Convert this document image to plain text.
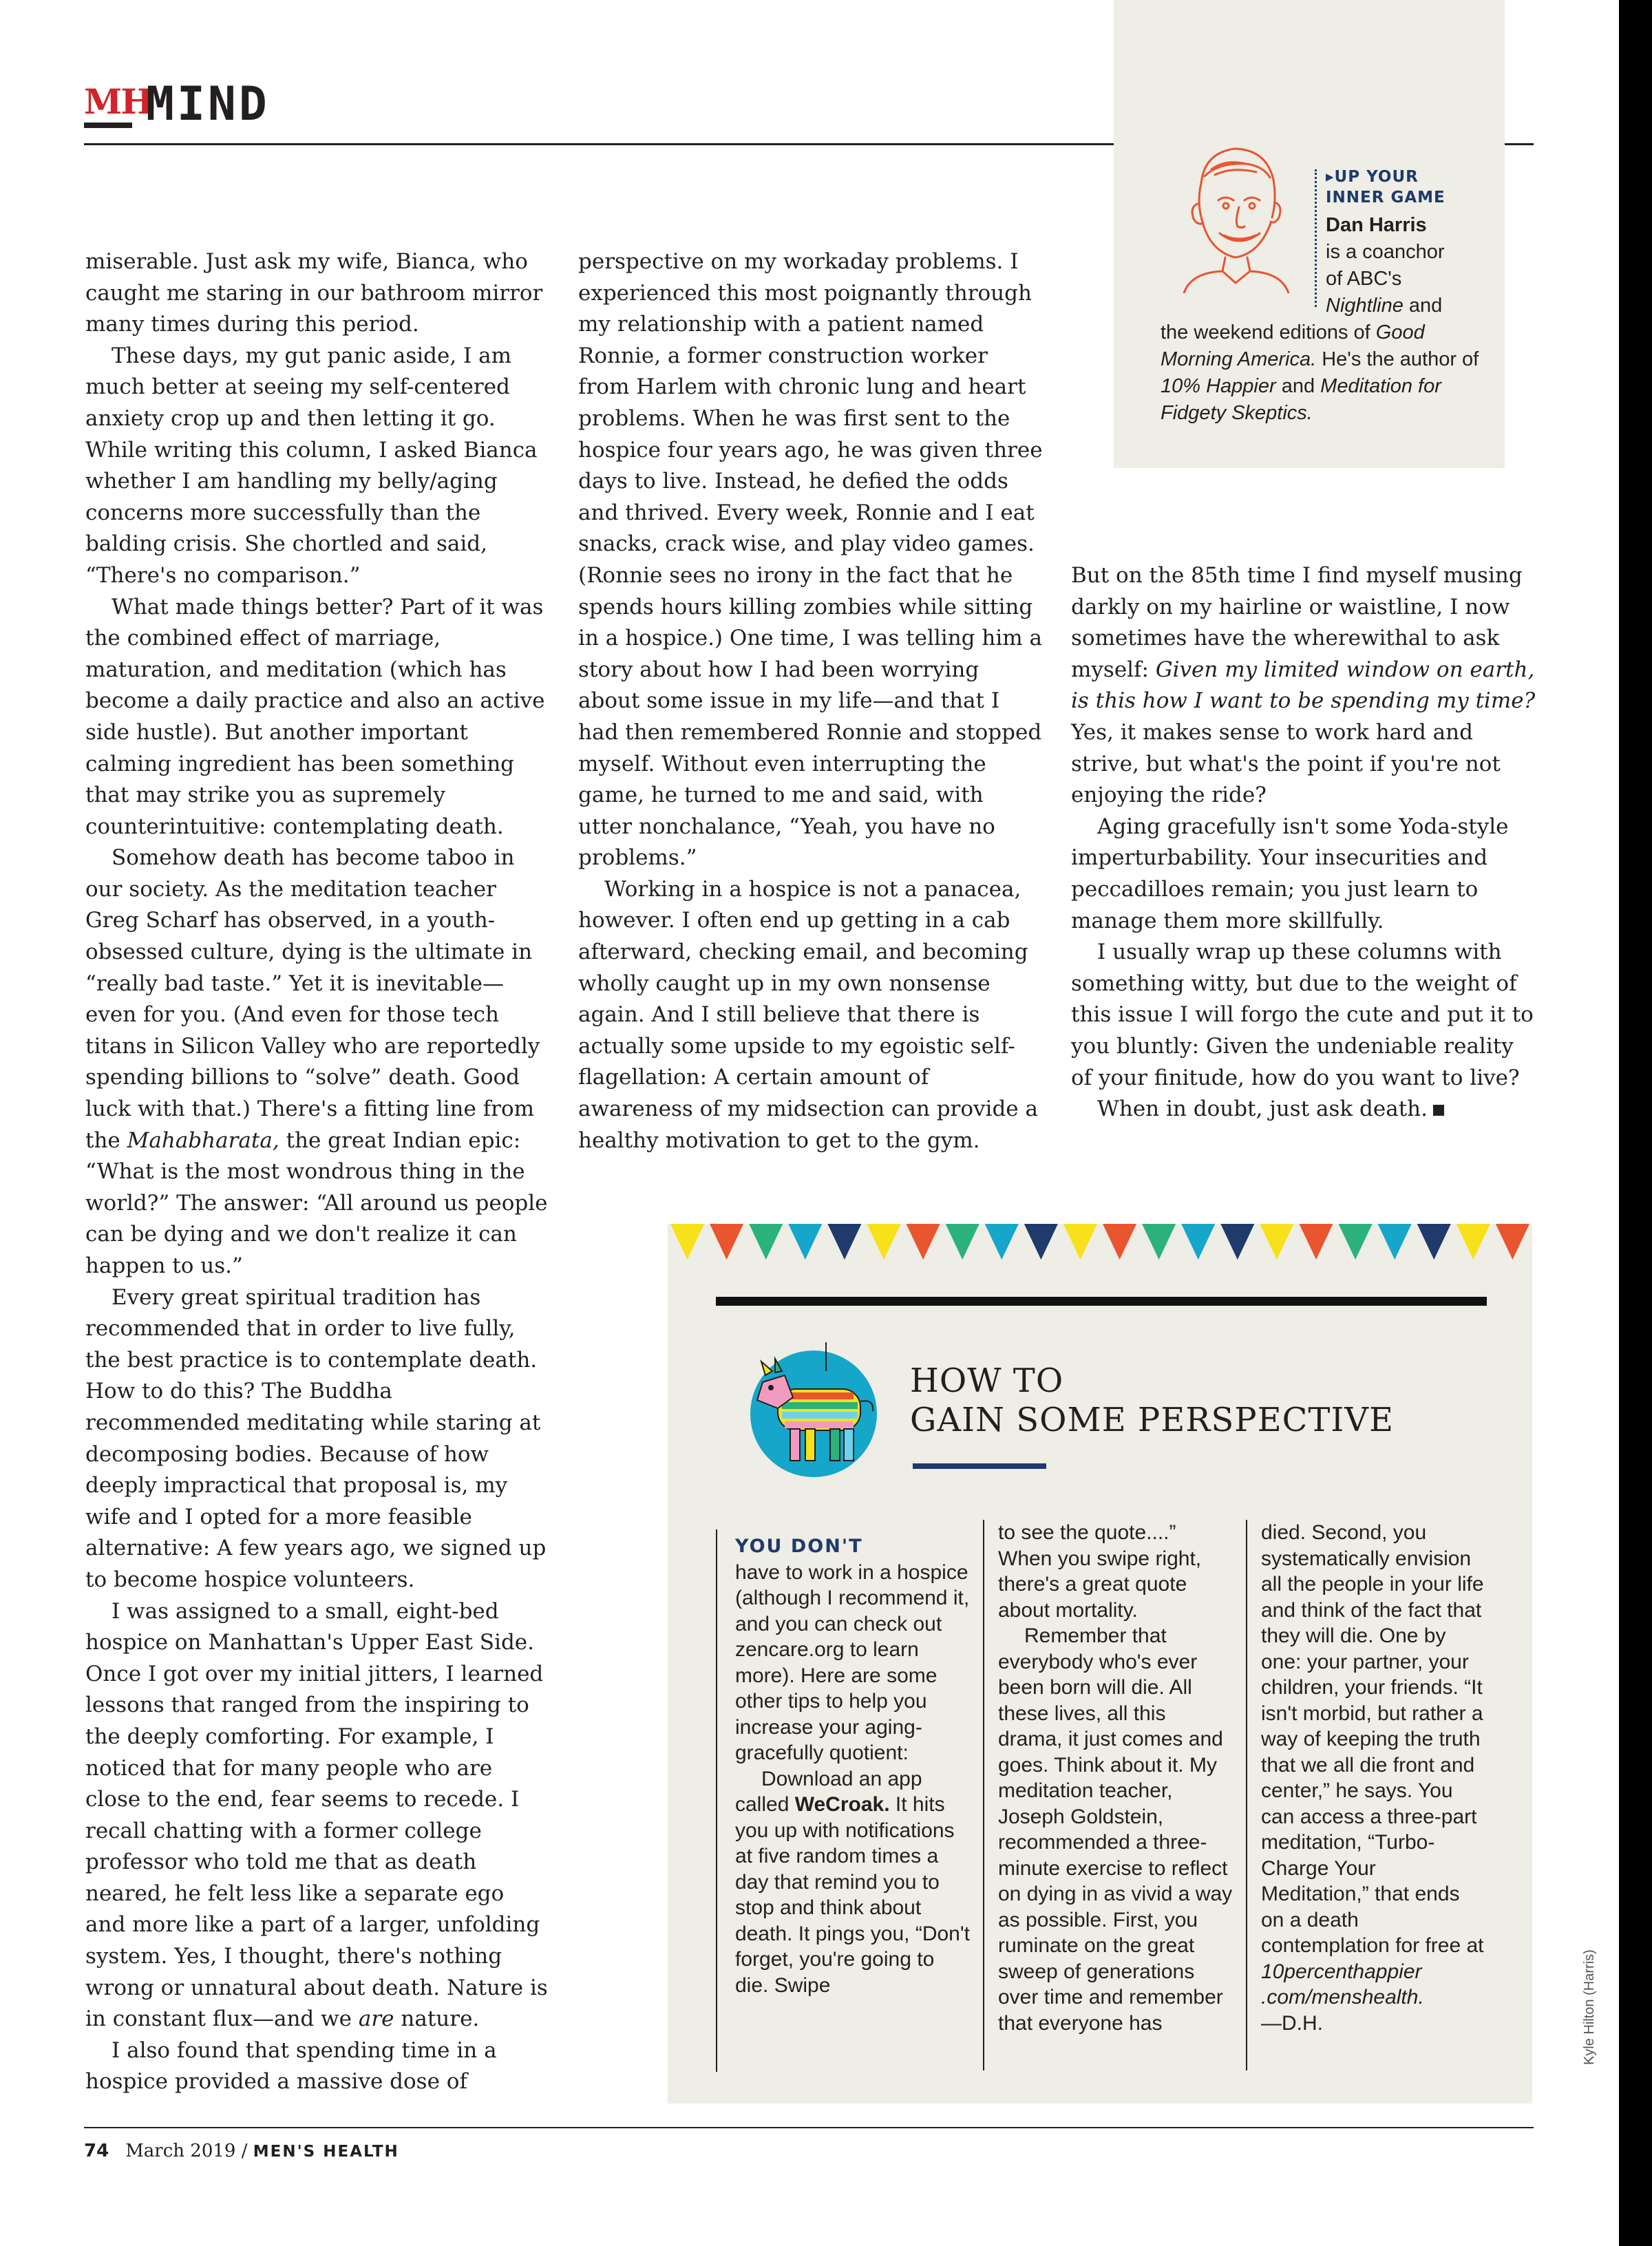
MH
MIND
▸UP YOUR
INNER GAME
Dan Harris
is a coanchor
of ABC's
Nightline and
the weekend editions of Good Morning America. He's the author of 10% Happier and Meditation for Fidgety Skeptics.

miserable. Just ask my wife, Bianca, who caught me staring in our bathroom mirror many times during this period.

These days, my gut panic aside, I am much better at seeing my self-centered anxiety crop up and then letting it go. While writing this column, I asked Bianca whether I am handling my belly/aging concerns more successfully than the balding crisis. She chortled and said, “There's no comparison.”

What made things better? Part of it was the combined effect of marriage, maturation, and meditation (which has become a daily practice and also an active side hustle). But another important calming ingredient has been something that may strike you as supremely counterintuitive: contemplating death.

Somehow death has become taboo in our society. As the meditation teacher Greg Scharf has observed, in a youth-obsessed culture, dying is the ultimate in “really bad taste.” Yet it is inevitable—even for you. (And even for those tech titans in Silicon Valley who are reportedly spending billions to “solve” death. Good luck with that.) There's a fitting line from the Mahabharata, the great Indian epic: “What is the most wondrous thing in the world?” The answer: “All around us people can be dying and we don't realize it can happen to us.”

Every great spiritual tradition has recommended that in order to live fully, the best practice is to contemplate death. How to do this? The Buddha recommended meditating while staring at decomposing bodies. Because of how deeply impractical that proposal is, my wife and I opted for a more feasible alternative: A few years ago, we signed up to become hospice volunteers.

I was assigned to a small, eight-bed hospice on Manhattan's Upper East Side. Once I got over my initial jitters, I learned lessons that ranged from the inspiring to the deeply comforting. For example, I noticed that for many people who are close to the end, fear seems to recede. I recall chatting with a former college professor who told me that as death neared, he felt less like a separate ego and more like a part of a larger, unfolding system. Yes, I thought, there's nothing wrong or unnatural about death. Nature is in constant flux—and we are nature.

I also found that spending time in a hospice provided a massive dose of

perspective on my workaday problems. I experienced this most poignantly through my relationship with a patient named Ronnie, a former construction worker from Harlem with chronic lung and heart problems. When he was first sent to the hospice four years ago, he was given three days to live. Instead, he defied the odds and thrived. Every week, Ronnie and I eat snacks, crack wise, and play video games. (Ronnie sees no irony in the fact that he spends hours killing zombies while sitting in a hospice.) One time, I was telling him a story about how I had been worrying about some issue in my life—and that I had then remembered Ronnie and stopped myself. Without even interrupting the game, he turned to me and said, with utter nonchalance, “Yeah, you have no problems.”

Working in a hospice is not a panacea, however. I often end up getting in a cab afterward, checking email, and becoming wholly caught up in my own nonsense again. And I still believe that there is actually some upside to my egoistic self-flagellation: A certain amount of awareness of my midsection can provide a healthy motivation to get to the gym.

But on the 85th time I find myself musing darkly on my hairline or waistline, I now sometimes have the wherewithal to ask myself: Given my limited window on earth, is this how I want to be spending my time? Yes, it makes sense to work hard and strive, but what's the point if you're not enjoying the ride?

Aging gracefully isn't some Yoda-style imperturbability. Your insecurities and peccadilloes remain; you just learn to manage them more skillfully.

I usually wrap up these columns with something witty, but due to the weight of this issue I will forgo the cute and put it to you bluntly: Given the undeniable reality of your finitude, how do you want to live?

When in doubt, just ask death.

HOW TO
GAIN SOME PERSPECTIVE
YOU DON'T

have to work in a hospice (although I recommend it, and you can check out zencare.org to learn more). Here are some other tips to help you increase your aging-gracefully quotient:

Download an app called WeCroak. It hits you up with notifications at five random times a day that remind you to stop and think about death. It pings you, “Don't forget, you're going to die. Swipe

to see the quote....” When you swipe right, there's a great quote about mortality.

Remember that everybody who's ever been born will die. All these lives, all this drama, it just comes and goes. Think about it. My meditation teacher, Joseph Goldstein, recommended a three-minute exercise to reflect on dying in as vivid a way as possible. First, you ruminate on the great sweep of generations over time and remember that everyone has

died. Second, you systematically envision all the people in your life and think of the fact that they will die. One by one: your partner, your children, your friends. “It isn't morbid, but rather a way of keeping the truth that we all die front and center,” he says. You can access a three-part meditation, “Turbo-Charge Your Meditation,” that ends on a death contemplation for free at

10percenthappier .com/menshealth.

—D.H.

74 March 2019 / MEN'S HEALTH
Kyle Hilton (Harris)
